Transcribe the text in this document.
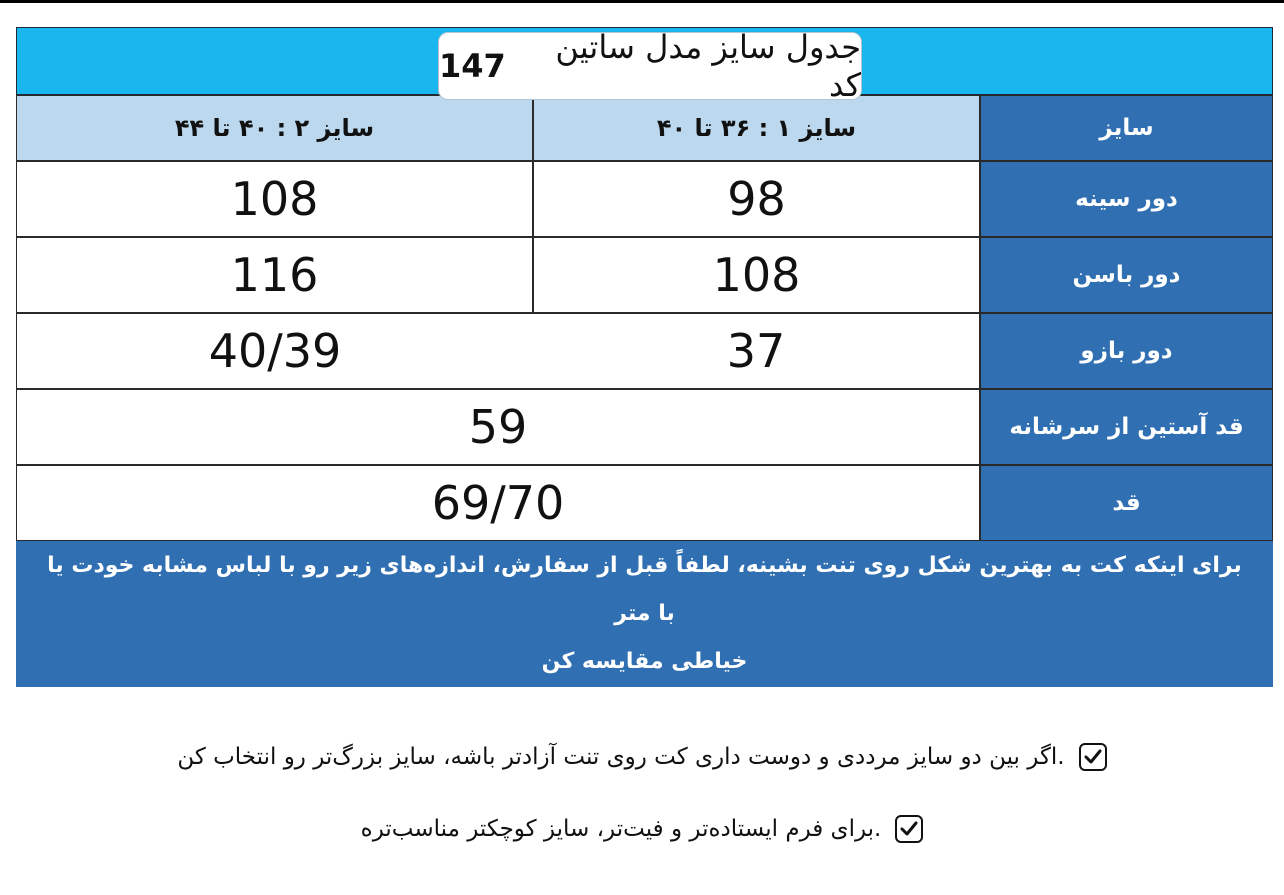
جدول سایز مدل ساتین کد

147
سایز ۲ : ۴۰ تا ۴۴	سایز ۱ : ۳۶ تا ۴۰	سایز
108	98	دور سینه
116	108	دور باسن
40/39	37	دور بازو
59	قد آستین از سرشانه
69/70	قد
برای اینکه کت به بهترین شکل روی تنت بشینه، لطفاً قبل از سفارش، اندازه‌های زیر رو با لباس مشابه خودت یا با متر
خیاطی مقایسه کن
.اگر بین دو سایز مرددی و دوست داری کت روی تنت آزادتر باشه، سایز بزرگ‌تر رو انتخاب کن
.برای فرم ایستاده‌تر و فیت‌تر، سایز کوچکتر مناسب‌تره
